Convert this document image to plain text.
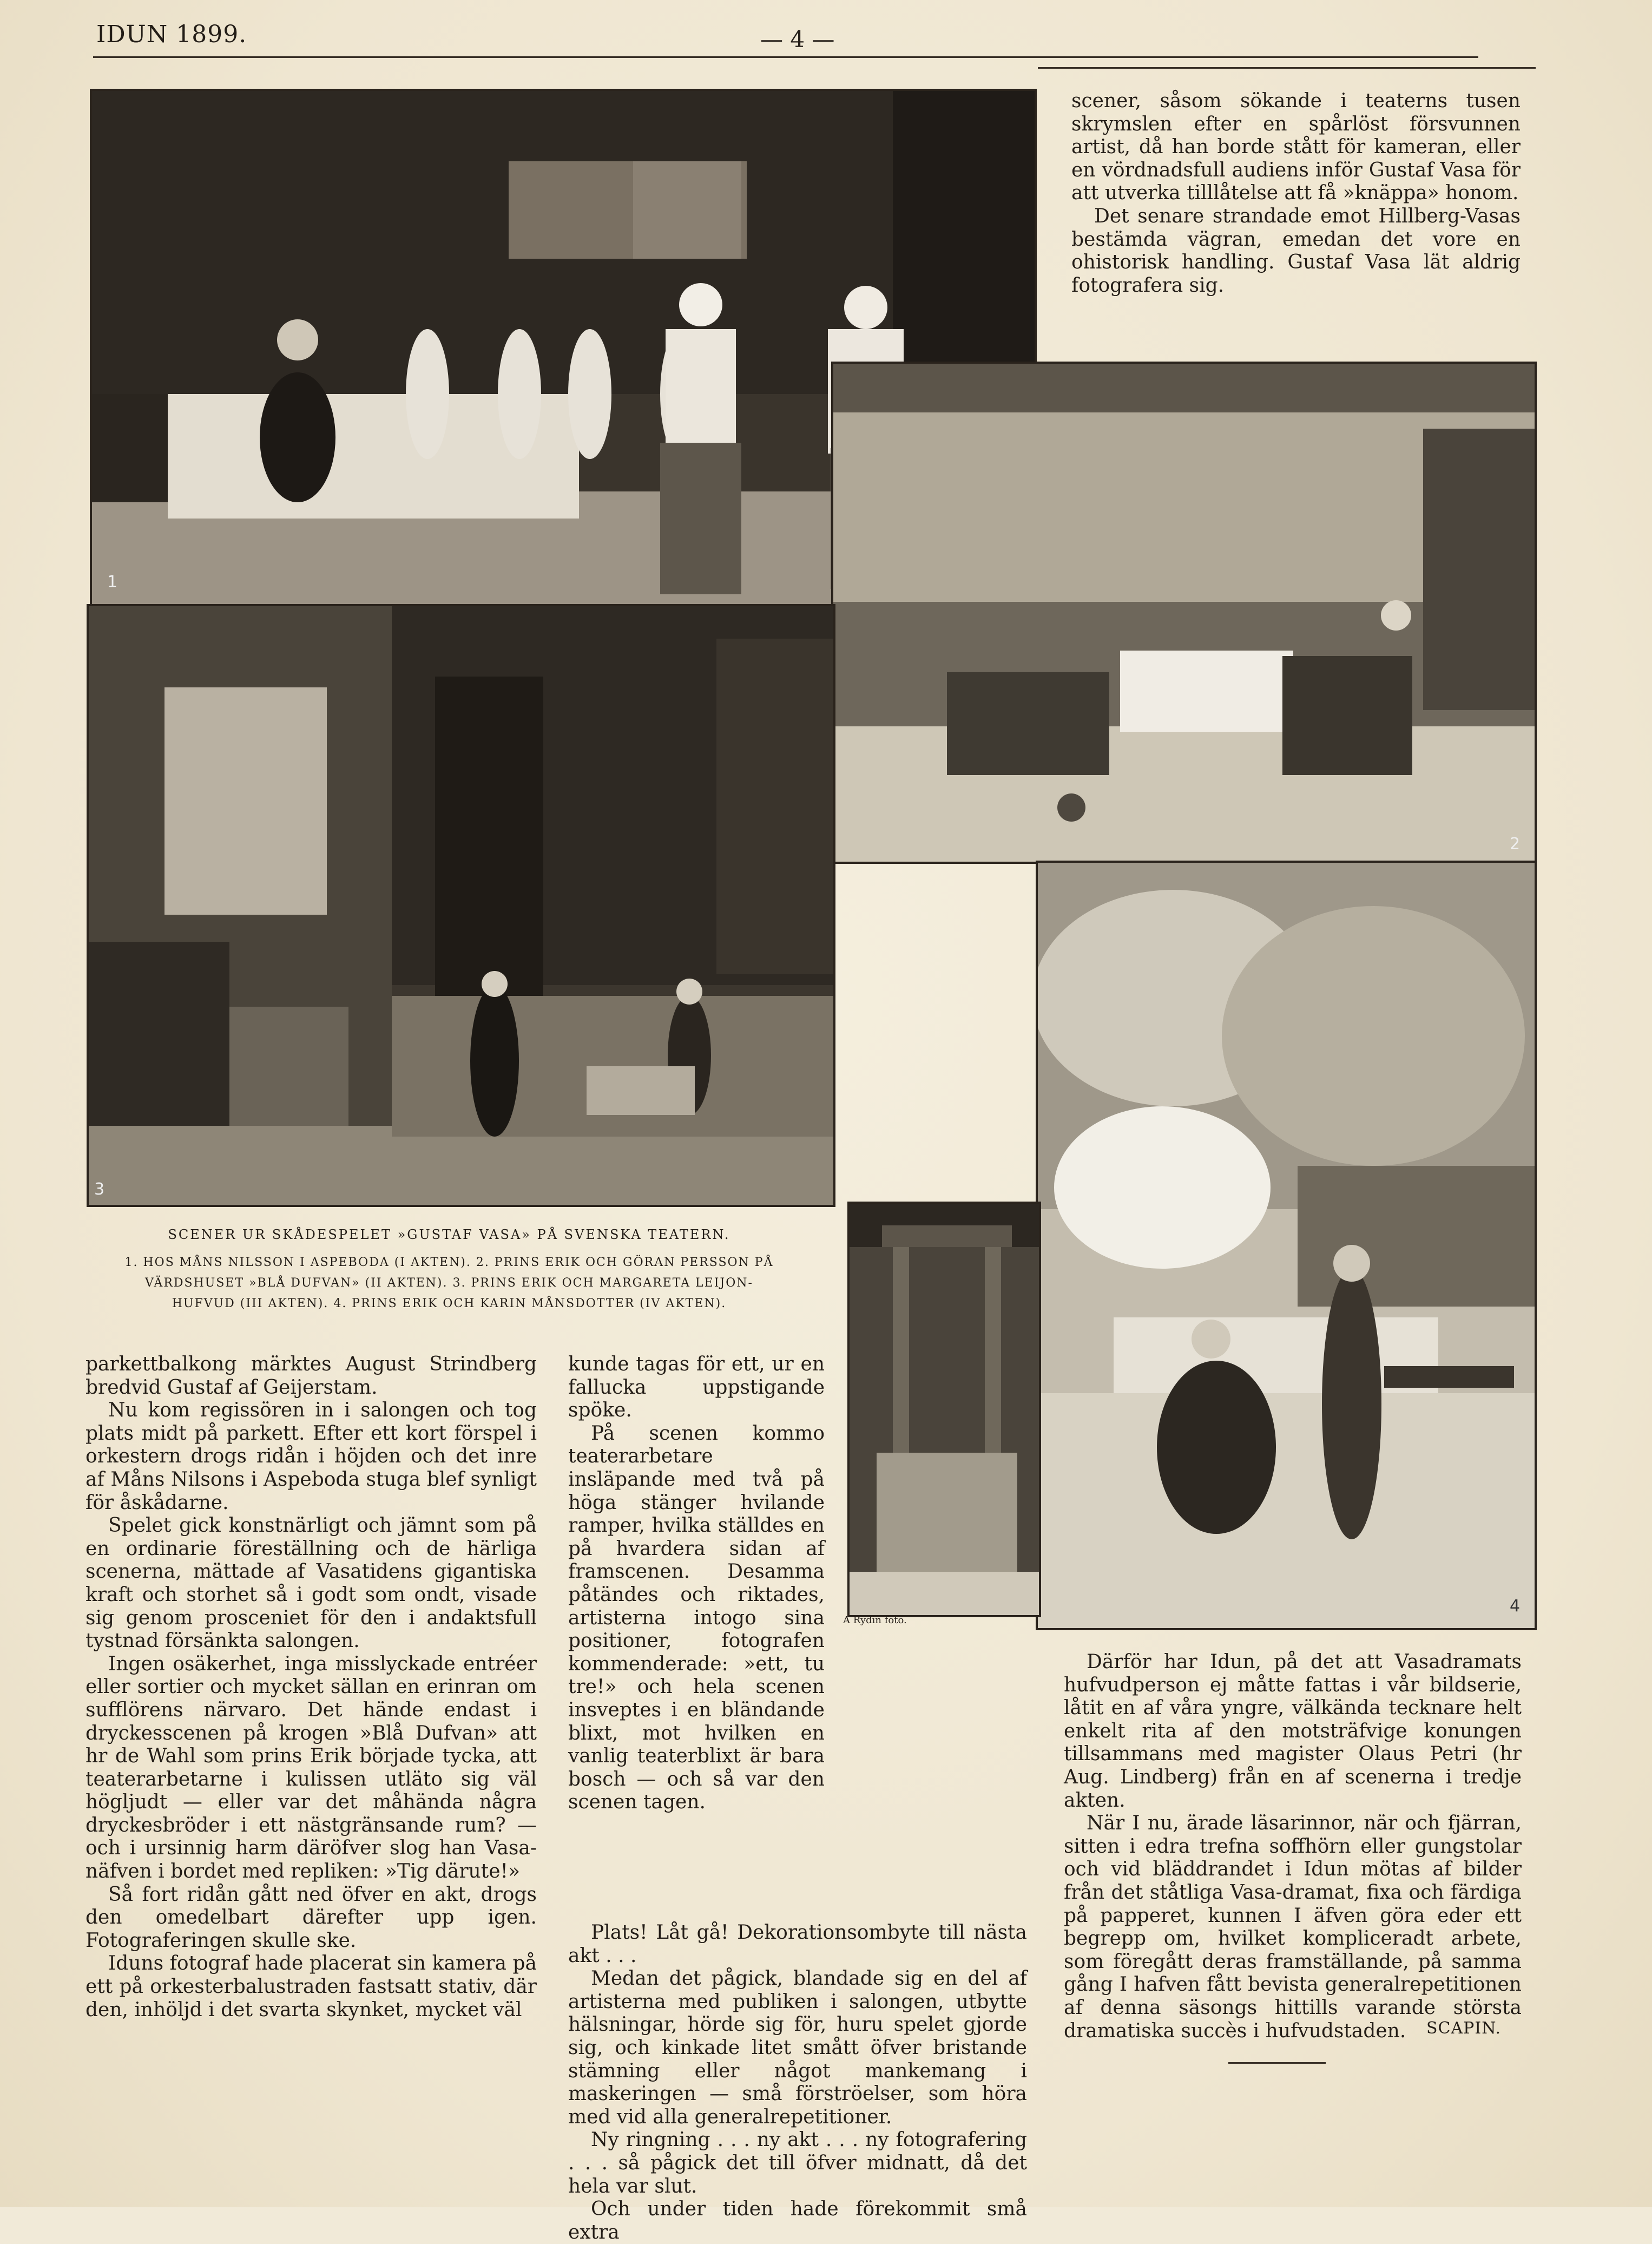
IDUN 1899.	— 4 —
1
2
3
4

scener, såsom sökande i teaterns tusen skrymslen efter en spårlöst försvunnen artist, då han borde stått för kameran, eller en vördnadsfull audiens inför Gustaf Vasa för att utverka tilllåtelse att få »knäppa» honom.

Det senare strandade emot Hillberg-Vasas bestämda vägran, emedan det vore en ohistorisk handling. Gustaf Vasa lät aldrig fotografera sig.

SCENER UR SKÅDESPELET »GUSTAF VASA» PÅ SVENSKA TEATERN.
1. HOS MÅNS NILSSON I ASPEBODA (I AKTEN). 2. PRINS ERIK OCH GÖRAN PERSSON PÅ
VÄRDSHUSET »BLÅ DUFVAN» (II AKTEN). 3. PRINS ERIK OCH MARGARETA LEIJON-
HUFVUD (III AKTEN). 4. PRINS ERIK OCH KARIN MÅNSDOTTER (IV AKTEN).
A Rydin foto.

parkettbalkong märktes August Strindberg bredvid Gustaf af Geijerstam.

Nu kom regissören in i salongen och tog plats midt på parkett. Efter ett kort förspel i orkestern drogs ridån i höjden och det inre af Måns Nilsons i Aspeboda stuga blef synligt för åskådarne.

Spelet gick konstnärligt och jämnt som på en ordinarie föreställning och de härliga scenerna, mättade af Vasatidens gigantiska kraft och storhet så i godt som ondt, visade sig genom prosceniet för den i andaktsfull tystnad försänkta salongen.

Ingen osäkerhet, inga misslyckade entréer eller sortier och mycket sällan en erinran om sufflörens närvaro. Det hände endast i dryckesscenen på krogen »Blå Dufvan» att hr de Wahl som prins Erik började tycka, att teaterarbetarne i kulissen utläto sig väl högljudt — eller var det måhända några dryckesbröder i ett nästgränsande rum? — och i ursinnig harm däröfver slog han Vasa-näfven i bordet med repliken: »Tig därute!»

Så fort ridån gått ned öfver en akt, drogs den omedelbart därefter upp igen. Fotograferingen skulle ske.

Iduns fotograf hade placerat sin kamera på ett på orkesterbalustraden fastsatt stativ, där den, inhöljd i det svarta skynket, mycket väl

kunde tagas för ett, ur en fallucka uppstigande spöke.

På scenen kommo teaterarbetare insläpande med två på höga stänger hvilande ramper, hvilka ställdes en på hvardera sidan af framscenen. Desamma påtändes och riktades, artisterna intogo sina positioner, fotografen kommenderade: »ett, tu tre!» och hela scenen insveptes i en bländande blixt, mot hvilken en vanlig teaterblixt är bara bosch — och så var den scenen tagen.

Plats! Låt gå! Dekorationsombyte till nästa akt . . .

Medan det pågick, blandade sig en del af artisterna med publiken i salongen, utbytte hälsningar, hörde sig för, huru spelet gjorde sig, och kinkade litet smått öfver bristande stämning eller något mankemang i maskeringen — små förströelser, som höra med vid alla generalrepetitioner.

Ny ringning . . . ny akt . . . ny fotografering . . . så pågick det till öfver midnatt, då det hela var slut.

Och under tiden hade förekommit små extra

Därför har Idun, på det att Vasadramats hufvudperson ej måtte fattas i vår bildserie, låtit en af våra yngre, välkända tecknare helt enkelt rita af den motsträfvige konungen tillsammans med magister Olaus Petri (hr Aug. Lindberg) från en af scenerna i tredje akten.

När I nu, ärade läsarinnor, när och fjärran, sitten i edra trefna soffhörn eller gungstolar och vid bläddrandet i Idun mötas af bilder från det ståtliga Vasa-dramat, fixa och färdiga på papperet, kunnen I äfven göra eder ett begrepp om, hvilket kompliceradt arbete, som föregått deras framställande, på samma gång I hafven fått bevista generalrepetitionen af denna säsongs hittills varande största dramatiska succès i hufvudstaden.	SCAPIN.
